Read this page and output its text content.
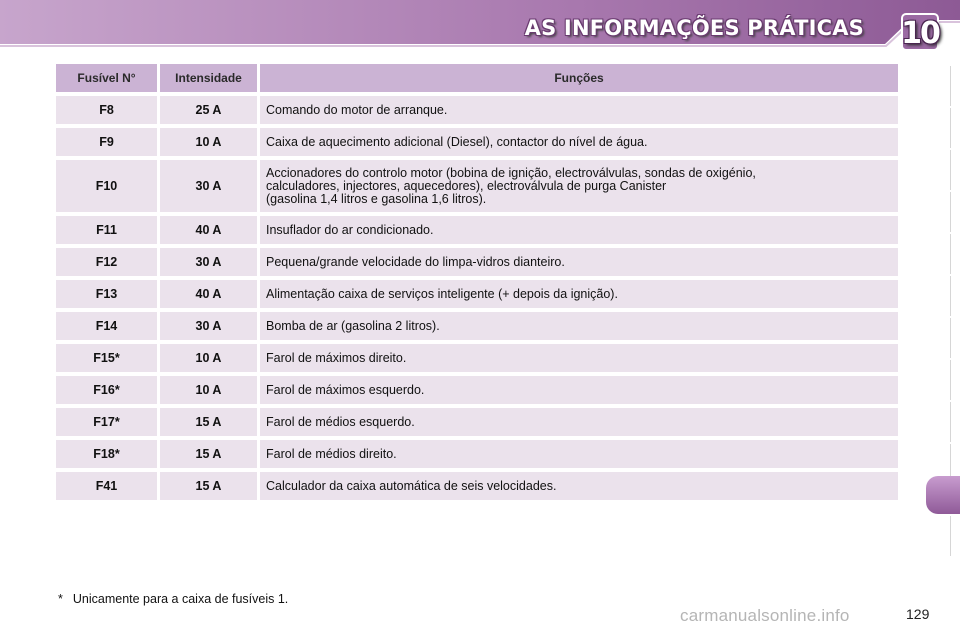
AS INFORMAÇÕES PRÁTICAS 10
Fusível N°	Intensidade	Funções
F8	25 A	Comando do motor de arranque.
F9	10 A	Caixa de aquecimento adicional (Diesel), contactor do nível de água.
F10	30 A	Accionadores do controlo motor (bobina de ignição, electroválvulas, sondas de oxigénio,
calculadores, injectores, aquecedores), electroválvula de purga Canister
(gasolina 1,4 litros e gasolina 1,6 litros).

F11	40 A	Insuflador do ar condicionado.
F12	30 A	Pequena/grande velocidade do limpa-vidros dianteiro.
F13	40 A	Alimentação caixa de serviços inteligente (+ depois da ignição).
F14	30 A	Bomba de ar (gasolina 2 litros).
F15*	10 A	Farol de máximos direito.
F16*	10 A	Farol de máximos esquerdo.
F17*	15 A	Farol de médios esquerdo.
F18*	15 A	Farol de médios direito.
F41	15 A	Calculador da caixa automática de seis velocidades.
* Unicamente para a caixa de fusíveis 1.
carmanualsonline.info	129
